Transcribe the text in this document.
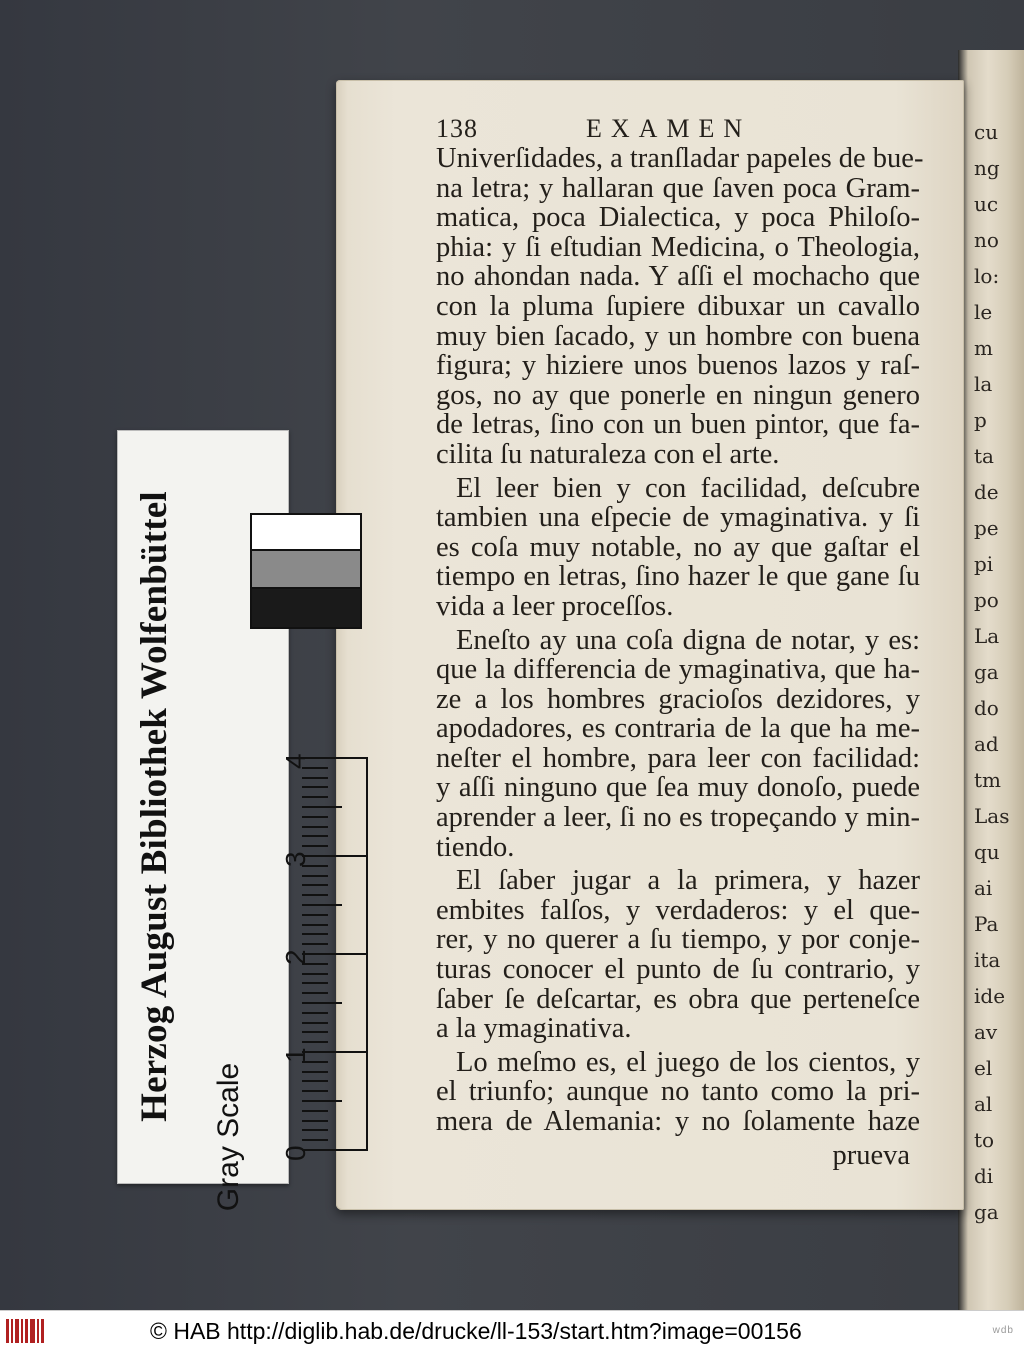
cu
ng
uc
no
lo:
le
m
la
p
ta
de
pe
pi
po
La
ga
do
ad
tm
Las
qu
ai
Pa
ita
ide
av
el
al
to
di
ga
138	EXAMEN
Univerſidades, a tranſladar papeles de bue-
na letra; y hallaran que ſaven poca Gram-
matica, poca Dialectica, y poca Philoſo-
phia: y ſi eſtudian Medicina, o Theologia,
no ahondan nada. Y aſſi el mochacho que
con la pluma ſupiere dibuxar un cavallo
muy bien ſacado, y un hombre con buena
figura; y hiziere unos buenos lazos y raſ-
gos, no ay que ponerle en ningun genero
de letras, ſino con un buen pintor, que fa-
cilita ſu naturaleza con el arte.
El leer bien y con facilidad, deſcubre
tambien una eſpecie de ymaginativa. y ſi
es coſa muy notable, no ay que gaſtar el
tiempo en letras, ſino hazer le que gane ſu
vida a leer proceſſos.
Eneſto ay una coſa digna de notar, y es:
que la differencia de ymaginativa, que ha-
ze a los hombres gracioſos dezidores, y
apodadores, es contraria de la que ha me-
neſter el hombre, para leer con facilidad:
y aſſi ninguno que ſea muy donoſo, puede
aprender a leer, ſi no es tropeçando y min-
tiendo.
El ſaber jugar a la primera, y hazer
embites falſos, y verdaderos: y el que-
rer, y no querer a ſu tiempo, y por conje-
turas conocer el punto de ſu contrario, y
ſaber ſe deſcartar, es obra que perteneſce
a la ymaginativa.
Lo meſmo es, el juego de los cientos, y
el triunfo; aunque no tanto como la pri-
mera de Alemania: y no ſolamente haze
prueva
Herzog August Bibliothek Wolfenbüttel
Gray Scale 0
1
2
3
4
© HAB http://diglib.hab.de/drucke/ll-153/start.htm?image=00156	wdb
